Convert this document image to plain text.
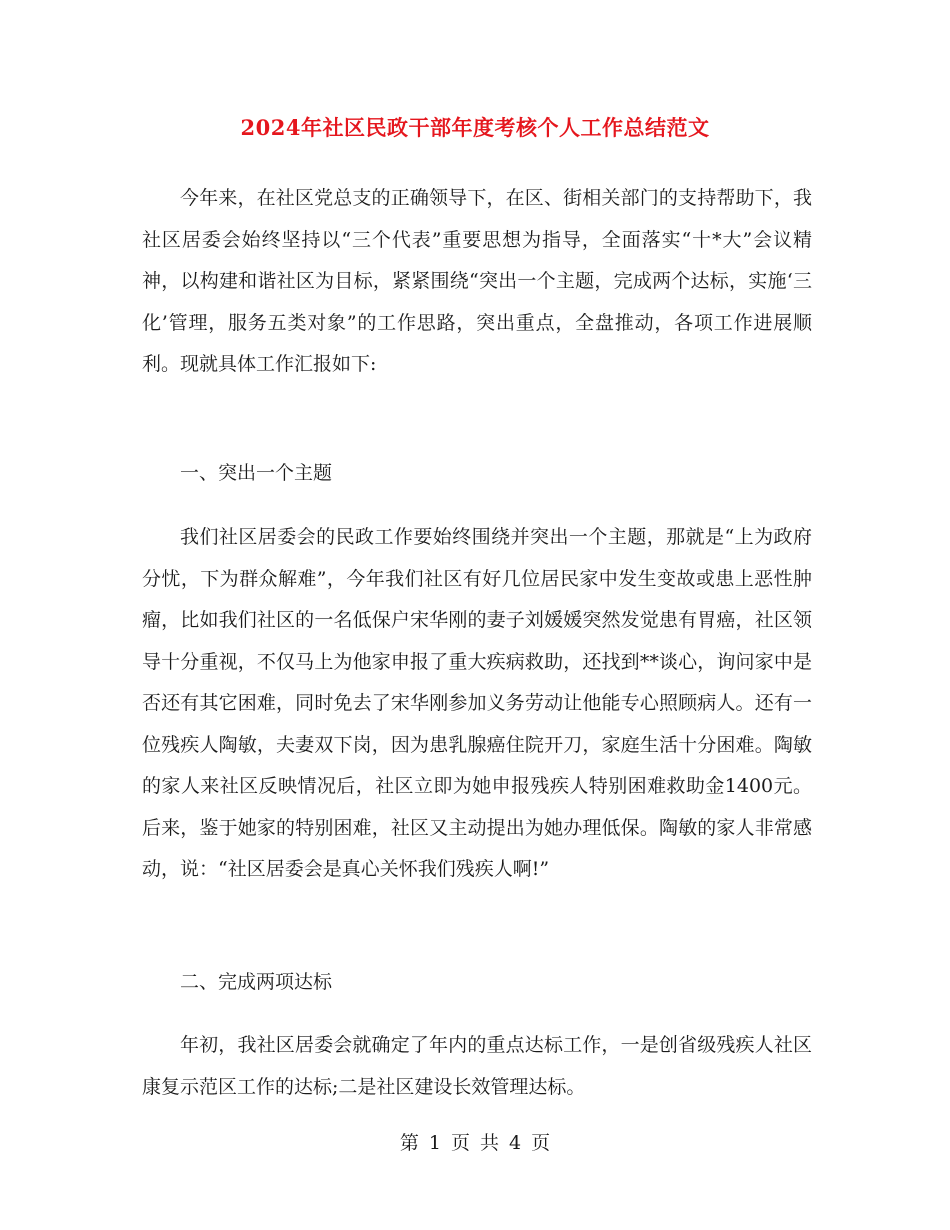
2024年社区民政干部年度考核个人工作总结范文

今年来，在社区党总支的正确领导下，在区、街相关部门的支持帮助下，我社区居委会始终坚持以“三个代表”重要思想为指导，全面落实“十*大”会议精神，以构建和谐社区为目标，紧紧围绕“突出一个主题，完成两个达标，实施‘三化’管理，服务五类对象”的工作思路，突出重点，全盘推动，各项工作进展顺利。现就具体工作汇报如下:

一、突出一个主题

我们社区居委会的民政工作要始终围绕并突出一个主题，那就是“上为政府分忧，下为群众解难”，今年我们社区有好几位居民家中发生变故或患上恶性肿瘤，比如我们社区的一名低保户宋华刚的妻子刘媛媛突然发觉患有胃癌，社区领导十分重视，不仅马上为他家申报了重大疾病救助，还找到**谈心，询问家中是否还有其它困难，同时免去了宋华刚参加义务劳动让他能专心照顾病人。还有一位残疾人陶敏，夫妻双下岗，因为患乳腺癌住院开刀，家庭生活十分困难。陶敏的家人来社区反映情况后，社区立即为她申报残疾人特别困难救助金1400元。后来，鉴于她家的特别困难，社区又主动提出为她办理低保。陶敏的家人非常感动，说：“社区居委会是真心关怀我们残疾人啊!”

二、完成两项达标

年初，我社区居委会就确定了年内的重点达标工作，一是创省级残疾人社区康复示范区工作的达标;二是社区建设长效管理达标。

第 1 页 共 4 页
